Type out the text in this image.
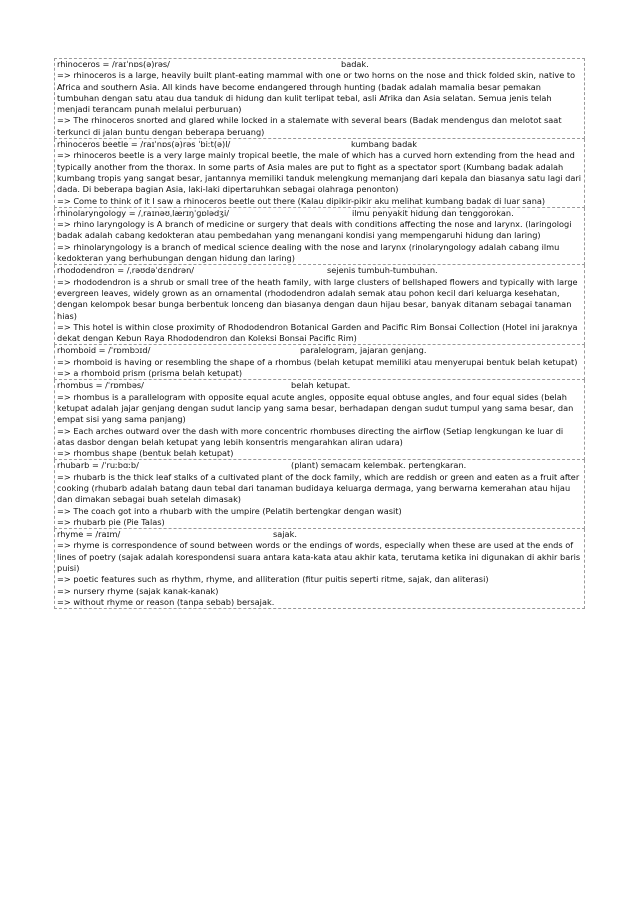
rhinoceros = /raɪˈnɒs(ə)rəs/	badak.
=> rhinoceros is a large, heavily built plant-eating mammal with one or two horns on the nose and thick folded skin, native to Africa and southern Asia. All kinds have become endangered through hunting (badak adalah mamalia besar pemakan tumbuhan dengan satu atau dua tanduk di hidung dan kulit terlipat tebal, asli Afrika dan Asia selatan. Semua jenis telah menjadi terancam punah melalui perburuan)
=> The rhinoceros snorted and glared while locked in a stalemate with several bears (Badak mendengus dan melotot saat terkunci di jalan buntu dengan beberapa beruang)
rhinoceros beetle = /raɪˈnɒs(ə)rəs ˈbiːt(ə)l/	kumbang badak
=> rhinoceros beetle is a very large mainly tropical beetle, the male of which has a curved horn extending from the head and typically another from the thorax. In some parts of Asia males are put to fight as a spectator sport (Kumbang badak adalah kumbang tropis yang sangat besar, jantannya memiliki tanduk melengkung memanjang dari kepala dan biasanya satu lagi dari dada. Di beberapa bagian Asia, laki-laki dipertaruhkan sebagai olahraga penonton)
=> Come to think of it I saw a rhinoceros beetle out there (Kalau dipikir-pikir aku melihat kumbang badak di luar sana)
rhinolaryngology = /ˌraɪnəʊˌlærɪŋˈɡɒlədʒi/	ilmu penyakit hidung dan tenggorokan.
=> rhino laryngology is A branch of medicine or surgery that deals with conditions affecting the nose and larynx. (laringologi badak adalah cabang kedokteran atau pembedahan yang menangani kondisi yang mempengaruhi hidung dan laring)
=> rhinolaryngology is a branch of medical science dealing with the nose and larynx (rinolaryngology adalah cabang ilmu kedokteran yang berhubungan dengan hidung dan laring)
rhododendron = /ˌrəʊdəˈdɛndrən/	sejenis tumbuh-tumbuhan.
=> rhododendron is a shrub or small tree of the heath family, with large clusters of bellshaped flowers and typically with large evergreen leaves, widely grown as an ornamental (rhododendron adalah semak atau pohon kecil dari keluarga kesehatan, dengan kelompok besar bunga berbentuk lonceng dan biasanya dengan daun hijau besar, banyak ditanam sebagai tanaman hias)
=> This hotel is within close proximity of Rhododendron Botanical Garden and Pacific Rim Bonsai Collection (Hotel ini jaraknya dekat dengan Kebun Raya Rhododendron dan Koleksi Bonsai Pacific Rim)
rhomboid = /ˈrɒmbɔɪd/	paralelogram, jajaran genjang.
=> rhomboid is having or resembling the shape of a rhombus (belah ketupat memiliki atau menyerupai bentuk belah ketupat)
=> a rhomboid prism (prisma belah ketupat)
rhombus = /ˈrɒmbəs/	belah ketupat.
=> rhombus is a parallelogram with opposite equal acute angles, opposite equal obtuse angles, and four equal sides (belah ketupat adalah jajar genjang dengan sudut lancip yang sama besar, berhadapan dengan sudut tumpul yang sama besar, dan empat sisi yang sama panjang)
=> Each arches outward over the dash with more concentric rhombuses directing the airflow (Setiap lengkungan ke luar di atas dasbor dengan belah ketupat yang lebih konsentris mengarahkan aliran udara)
=> rhombus shape (bentuk belah ketupat)
rhubarb = /ˈruːbɑːb/	(plant) semacam kelembak. pertengkaran.
=> rhubarb is the thick leaf stalks of a cultivated plant of the dock family, which are reddish or green and eaten as a fruit after cooking (rhubarb adalah batang daun tebal dari tanaman budidaya keluarga dermaga, yang berwarna kemerahan atau hijau dan dimakan sebagai buah setelah dimasak)
=> The coach got into a rhubarb with the umpire (Pelatih bertengkar dengan wasit)
=> rhubarb pie (Pie Talas)
rhyme = /raɪm/	sajak.
=> rhyme is correspondence of sound between words or the endings of words, especially when these are used at the ends of lines of poetry (sajak adalah korespondensi suara antara kata-kata atau akhir kata, terutama ketika ini digunakan di akhir baris puisi)
=> poetic features such as rhythm, rhyme, and alliteration (fitur puitis seperti ritme, sajak, dan aliterasi)
=> nursery rhyme (sajak kanak-kanak)
=> without rhyme or reason (tanpa sebab) bersajak.
